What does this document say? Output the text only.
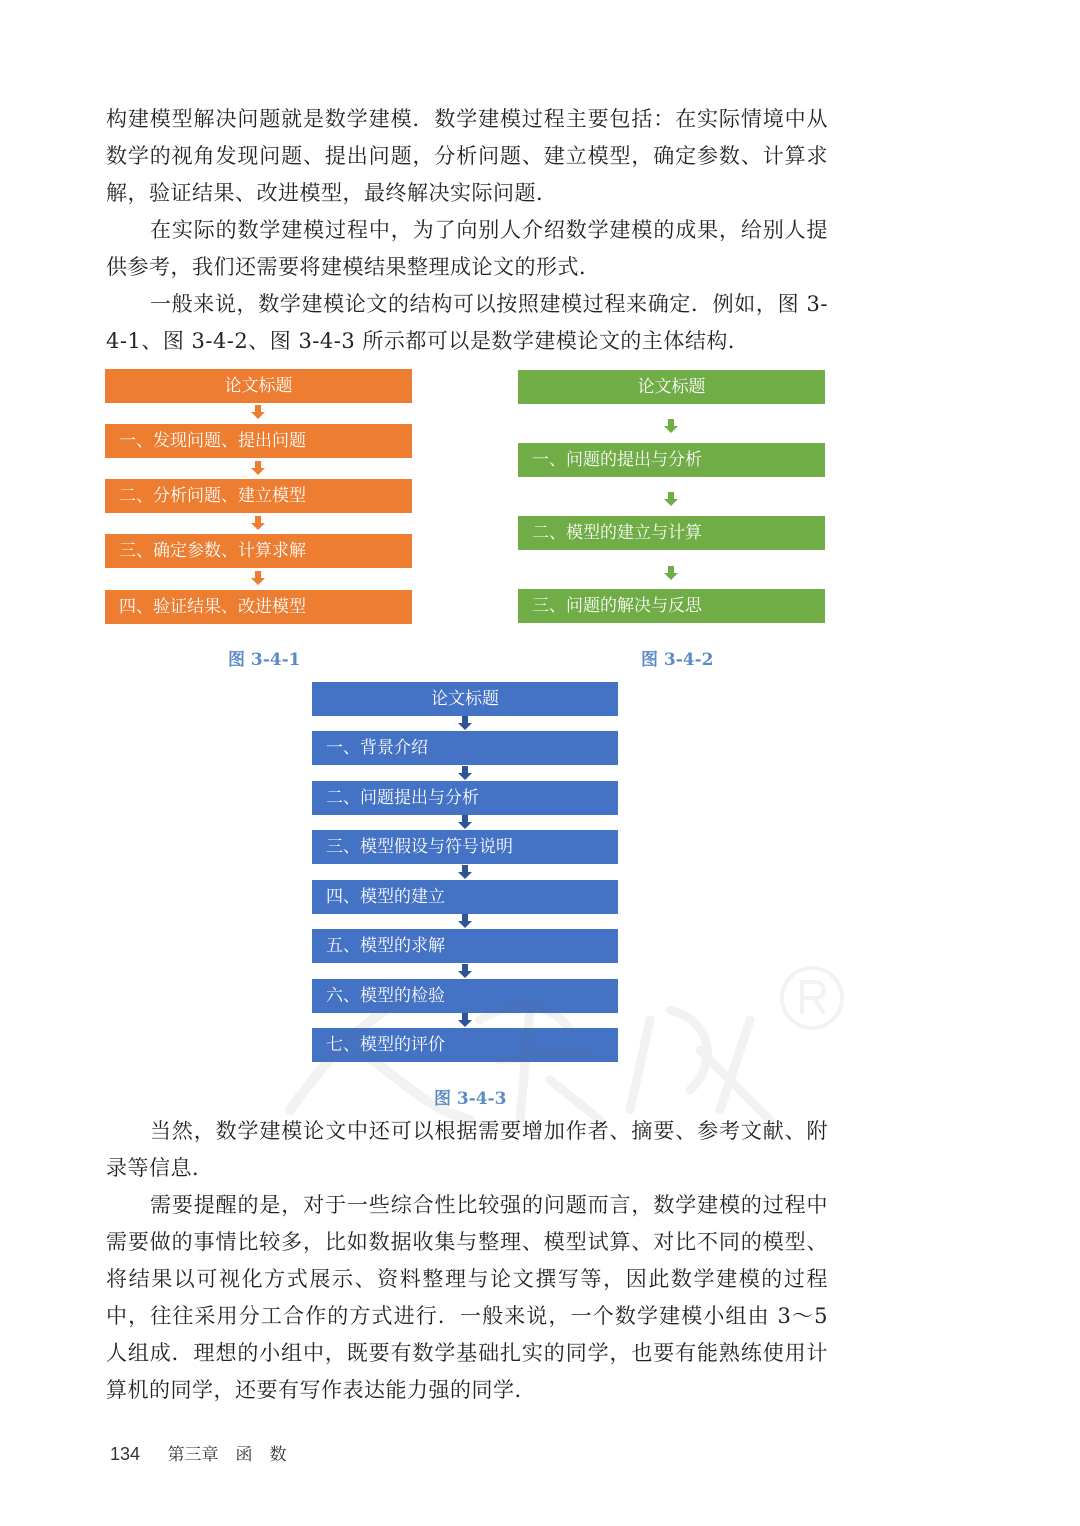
构建模型解决问题就是数学建模．数学建模过程主要包括：在实际情境中从数学的视角发现问题、提出问题，分析问题、建立模型，确定参数、计算求解，验证结果、改进模型，最终解决实际问题．

在实际的数学建模过程中，为了向别人介绍数学建模的成果，给别人提供参考，我们还需要将建模结果整理成论文的形式．

一般来说，数学建模论文的结构可以按照建模过程来确定．例如，图 3-4-1、图 3-4-2、图 3-4-3 所示都可以是数学建模论文的主体结构．

论文标题
一、发现问题、提出问题
二、分析问题、建立模型
三、确定参数、计算求解
四、验证结果、改进模型
图 3-4-1
论文标题
一、问题的提出与分析
二、模型的建立与计算
三、问题的解决与反思
图 3-4-2
论文标题
一、背景介绍
二、问题提出与分析
三、模型假设与符号说明
四、模型的建立
五、模型的求解
六、模型的检验
七、模型的评价
图 3-4-3

当然，数学建模论文中还可以根据需要增加作者、摘要、参考文献、附录等信息．

需要提醒的是，对于一些综合性比较强的问题而言，数学建模的过程中需要做的事情比较多，比如数据收集与整理、模型试算、对比不同的模型、将结果以可视化方式展示、资料整理与论文撰写等，因此数学建模的过程中，往往采用分工合作的方式进行．一般来说，一个数学建模小组由 3～5 人组成．理想的小组中，既要有数学基础扎实的同学，也要有能熟练使用计算机的同学，还要有写作表达能力强的同学．

134 第三章　函　数
